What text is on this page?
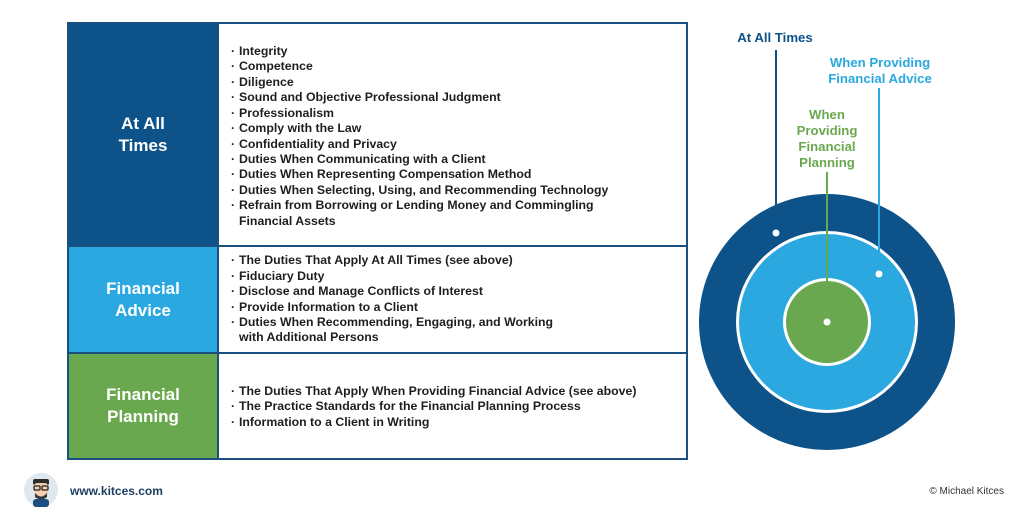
At All
Times
· Integrity
· Competence
· Diligence
· Sound and Objective Professional Judgment
· Professionalism
· Comply with the Law
· Confidentiality and Privacy
· Duties When Communicating with a Client
· Duties When Representing Compensation Method
· Duties When Selecting, Using, and Recommending Technology
· Refrain from Borrowing or Lending Money and Commingling
Financial Assets
Financial
Advice
· The Duties That Apply At All Times (see above)
· Fiduciary Duty
· Disclose and Manage Conflicts of Interest
· Provide Information to a Client
· Duties When Recommending, Engaging, and Working
with Additional Persons
Financial
Planning
· The Duties That Apply When Providing Financial Advice (see above)
· The Practice Standards for the Financial Planning Process
· Information to a Client in Writing
At All Times
When Providing
Financial Advice
When
Providing
Financial
Planning
www.kitces.com	© Michael Kitces
